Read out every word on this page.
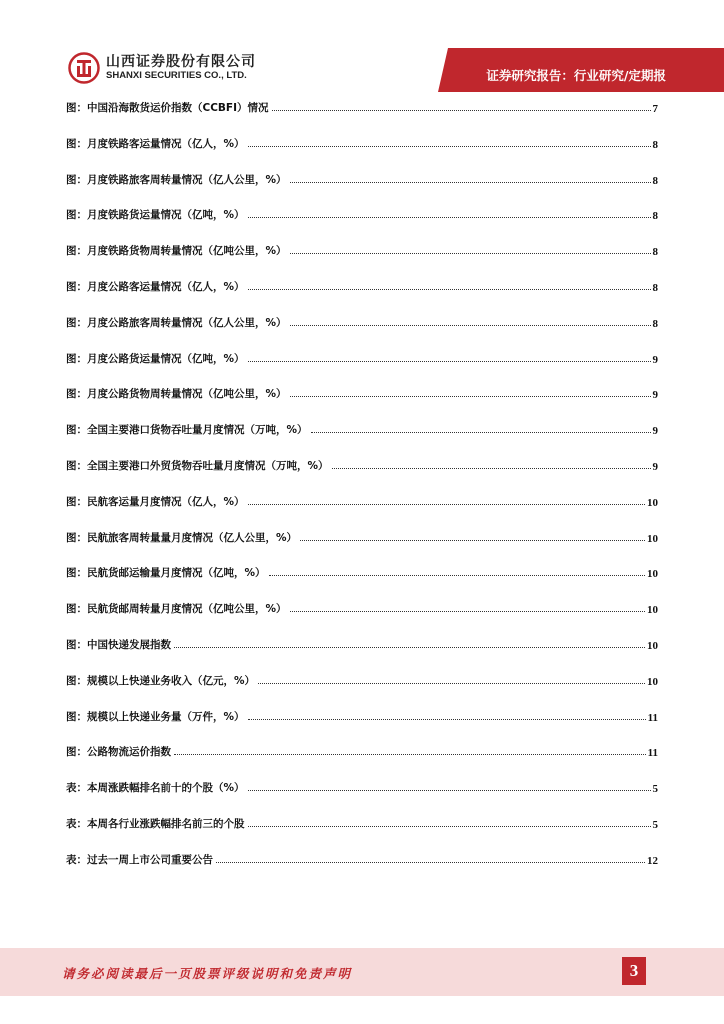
山西证券股份有限公司
SHANXI SECURITIES CO., LTD.	证券研究报告：行业研究/定期报
图：中国沿海散货运价指数（CCBFI）情况	7
图：月度铁路客运量情况（亿人，%）	8
图：月度铁路旅客周转量情况（亿人公里，%）	8
图：月度铁路货运量情况（亿吨，%）	8
图：月度铁路货物周转量情况（亿吨公里，%）	8
图：月度公路客运量情况（亿人，%）	8
图：月度公路旅客周转量情况（亿人公里，%）	8
图：月度公路货运量情况（亿吨，%）	9
图：月度公路货物周转量情况（亿吨公里，%）	9
图：全国主要港口货物吞吐量月度情况（万吨，%）	9
图：全国主要港口外贸货物吞吐量月度情况（万吨，%）	9
图：民航客运量月度情况（亿人，%）	10
图：民航旅客周转量量月度情况（亿人公里，%）	10
图：民航货邮运输量月度情况（亿吨，%）	10
图：民航货邮周转量月度情况（亿吨公里，%）	10
图：中国快递发展指数	10
图：规模以上快递业务收入（亿元，%）	10
图：规模以上快递业务量（万件，%）	11
图：公路物流运价指数	11
表：本周涨跌幅排名前十的个股（%）	5
表：本周各行业涨跌幅排名前三的个股	5
表：过去一周上市公司重要公告	12
请务必阅读最后一页股票评级说明和免责声明	3
